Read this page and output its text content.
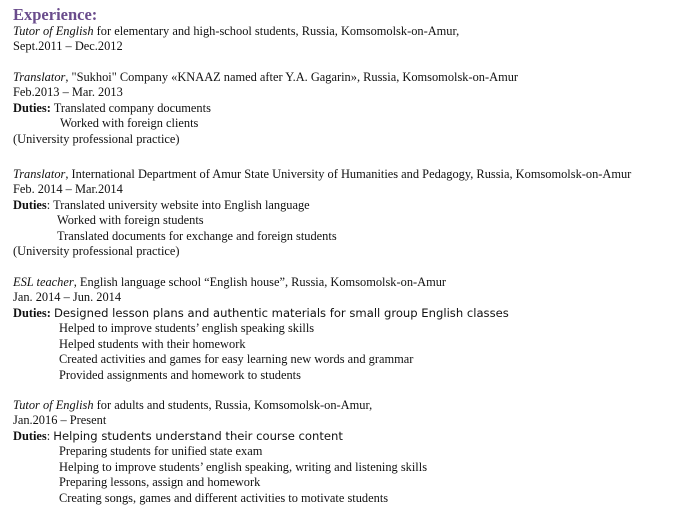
Experience:
Tutor of English for elementary and high-school students, Russia, Komsomolsk-on-Amur,
Sept.2011 – Dec.2012
Translator, "Sukhoi" Company «KNAAZ named after Y.A. Gagarin», Russia, Komsomolsk-on-Amur
Feb.2013 – Mar. 2013
Duties: Translated company documents
Worked with foreign clients
(University professional practice)
Translator, International Department of Amur State University of Humanities and Pedagogy, Russia, Komsomolsk-on-Amur
Feb. 2014 – Mar.2014
Duties: Translated university website into English language
Worked with foreign students
Translated documents for exchange and foreign students
(University professional practice)
ESL teacher, English language school “English house”, Russia, Komsomolsk-on-Amur
Jan. 2014 – Jun. 2014
Duties: Designed lesson plans and authentic materials for small group English classes
Helped to improve students’ english speaking skills
Helped students with their homework
Created activities and games for easy learning new words and grammar
Provided assignments and homework to students
Tutor of English for adults and students, Russia, Komsomolsk-on-Amur,
Jan.2016 – Present
Duties: Helping students understand their course content
Preparing students for unified state exam
Helping to improve students’ english speaking, writing and listening skills
Preparing lessons, assign and homework
Creating songs, games and different activities to motivate students
